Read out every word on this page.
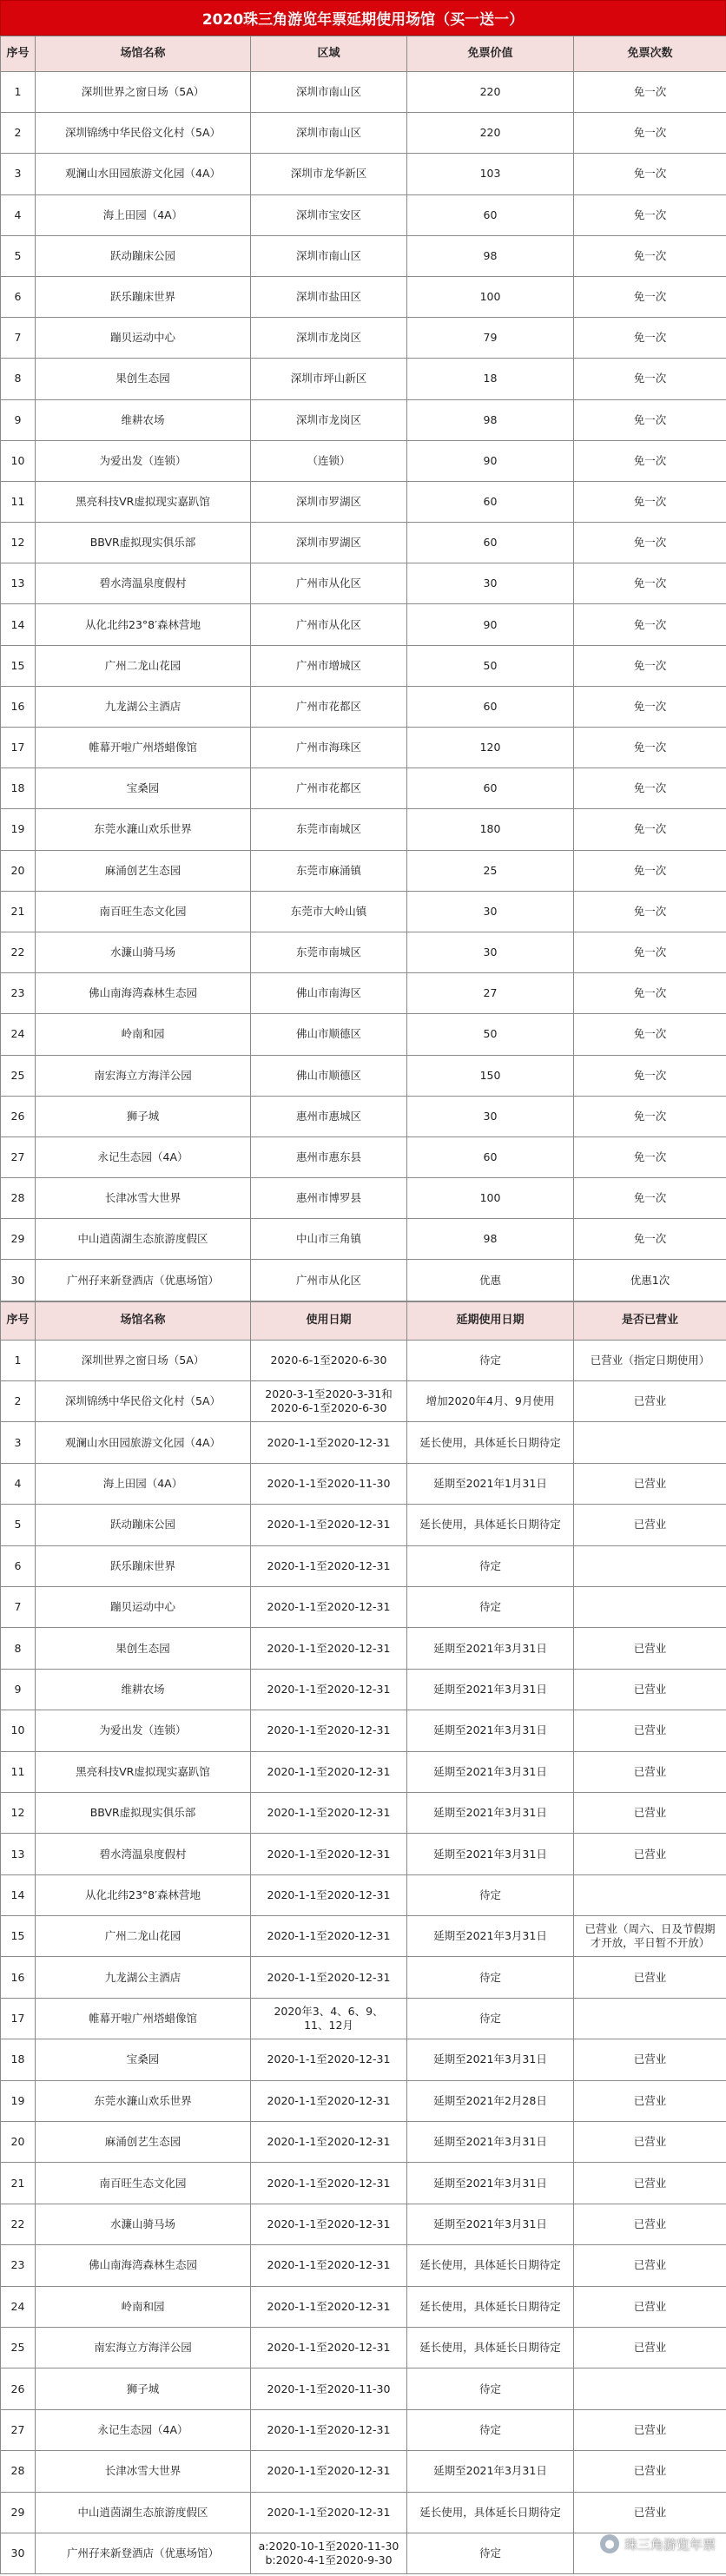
2020珠三角游览年票延期使用场馆（买一送一）
序号	场馆名称	区域	免票价值	免票次数
1	深圳世界之窗日场（5A）	深圳市南山区	220	免一次
2	深圳锦绣中华民俗文化村（5A）	深圳市南山区	220	免一次
3	观澜山水田园旅游文化园（4A）	深圳市龙华新区	103	免一次
4	海上田园（4A）	深圳市宝安区	60	免一次
5	跃动蹦床公园	深圳市南山区	98	免一次
6	跃乐蹦床世界	深圳市盐田区	100	免一次
7	蹦贝运动中心	深圳市龙岗区	79	免一次
8	果创生态园	深圳市坪山新区	18	免一次
9	维耕农场	深圳市龙岗区	98	免一次
10	为爱出发（连锁）	（连锁）	90	免一次
11	黑亮科技VR虚拟现实嘉趴馆	深圳市罗湖区	60	免一次
12	BBVR虚拟现实俱乐部	深圳市罗湖区	60	免一次
13	碧水湾温泉度假村	广州市从化区	30	免一次
14	从化北纬23°8′森林营地	广州市从化区	90	免一次
15	广州二龙山花园	广州市增城区	50	免一次
16	九龙湖公主酒店	广州市花都区	60	免一次
17	帷幕开啦广州塔蜡像馆	广州市海珠区	120	免一次
18	宝桑园	广州市花都区	60	免一次
19	东莞水濂山欢乐世界	东莞市南城区	180	免一次
20	麻涌创艺生态园	东莞市麻涌镇	25	免一次
21	南百旺生态文化园	东莞市大岭山镇	30	免一次
22	水濂山骑马场	东莞市南城区	30	免一次
23	佛山南海湾森林生态园	佛山市南海区	27	免一次
24	岭南和园	佛山市顺德区	50	免一次
25	南宏海立方海洋公园	佛山市顺德区	150	免一次
26	狮子城	惠州市惠城区	30	免一次
27	永记生态园（4A）	惠州市惠东县	60	免一次
28	长津冰雪大世界	惠州市博罗县	100	免一次
29	中山逍茵湖生态旅游度假区	中山市三角镇	98	免一次
30	广州孖来新登酒店（优惠场馆）	广州市从化区	优惠	优惠1次
序号	场馆名称	使用日期	延期使用日期	是否已营业
1	深圳世界之窗日场（5A）	2020-6-1至2020-6-30	待定	已营业（指定日期使用）
2	深圳锦绣中华民俗文化村（5A）	2020-3-1至2020-3-31和
2020-6-1至2020-6-30	增加2020年4月、9月使用	已营业
3	观澜山水田园旅游文化园（4A）	2020-1-1至2020-12-31	延长使用，具体延长日期待定	
4	海上田园（4A）	2020-1-1至2020-11-30	延期至2021年1月31日	已营业
5	跃动蹦床公园	2020-1-1至2020-12-31	延长使用，具体延长日期待定	已营业
6	跃乐蹦床世界	2020-1-1至2020-12-31	待定	
7	蹦贝运动中心	2020-1-1至2020-12-31	待定	
8	果创生态园	2020-1-1至2020-12-31	延期至2021年3月31日	已营业
9	维耕农场	2020-1-1至2020-12-31	延期至2021年3月31日	已营业
10	为爱出发（连锁）	2020-1-1至2020-12-31	延期至2021年3月31日	已营业
11	黑亮科技VR虚拟现实嘉趴馆	2020-1-1至2020-12-31	延期至2021年3月31日	已营业
12	BBVR虚拟现实俱乐部	2020-1-1至2020-12-31	延期至2021年3月31日	已营业
13	碧水湾温泉度假村	2020-1-1至2020-12-31	延期至2021年3月31日	已营业
14	从化北纬23°8′森林营地	2020-1-1至2020-12-31	待定	
15	广州二龙山花园	2020-1-1至2020-12-31	延期至2021年3月31日	已营业（周六、日及节假期
才开放，平日暂不开放）
16	九龙湖公主酒店	2020-1-1至2020-12-31	待定	已营业
17	帷幕开啦广州塔蜡像馆	2020年3、4、6、9、
11、12月	待定	
18	宝桑园	2020-1-1至2020-12-31	延期至2021年3月31日	已营业
19	东莞水濂山欢乐世界	2020-1-1至2020-12-31	延期至2021年2月28日	已营业
20	麻涌创艺生态园	2020-1-1至2020-12-31	延期至2021年3月31日	已营业
21	南百旺生态文化园	2020-1-1至2020-12-31	延期至2021年3月31日	已营业
22	水濂山骑马场	2020-1-1至2020-12-31	延期至2021年3月31日	已营业
23	佛山南海湾森林生态园	2020-1-1至2020-12-31	延长使用，具体延长日期待定	已营业
24	岭南和园	2020-1-1至2020-12-31	延长使用，具体延长日期待定	已营业
25	南宏海立方海洋公园	2020-1-1至2020-12-31	延长使用，具体延长日期待定	已营业
26	狮子城	2020-1-1至2020-11-30	待定	
27	永记生态园（4A）	2020-1-1至2020-12-31	待定	已营业
28	长津冰雪大世界	2020-1-1至2020-12-31	延期至2021年3月31日	已营业
29	中山逍茵湖生态旅游度假区	2020-1-1至2020-12-31	延长使用，具体延长日期待定	已营业
30	广州孖来新登酒店（优惠场馆）	a:2020-10-1至2020-11-30
b:2020-4-1至2020-9-30	待定	
● 珠三角游览年票
